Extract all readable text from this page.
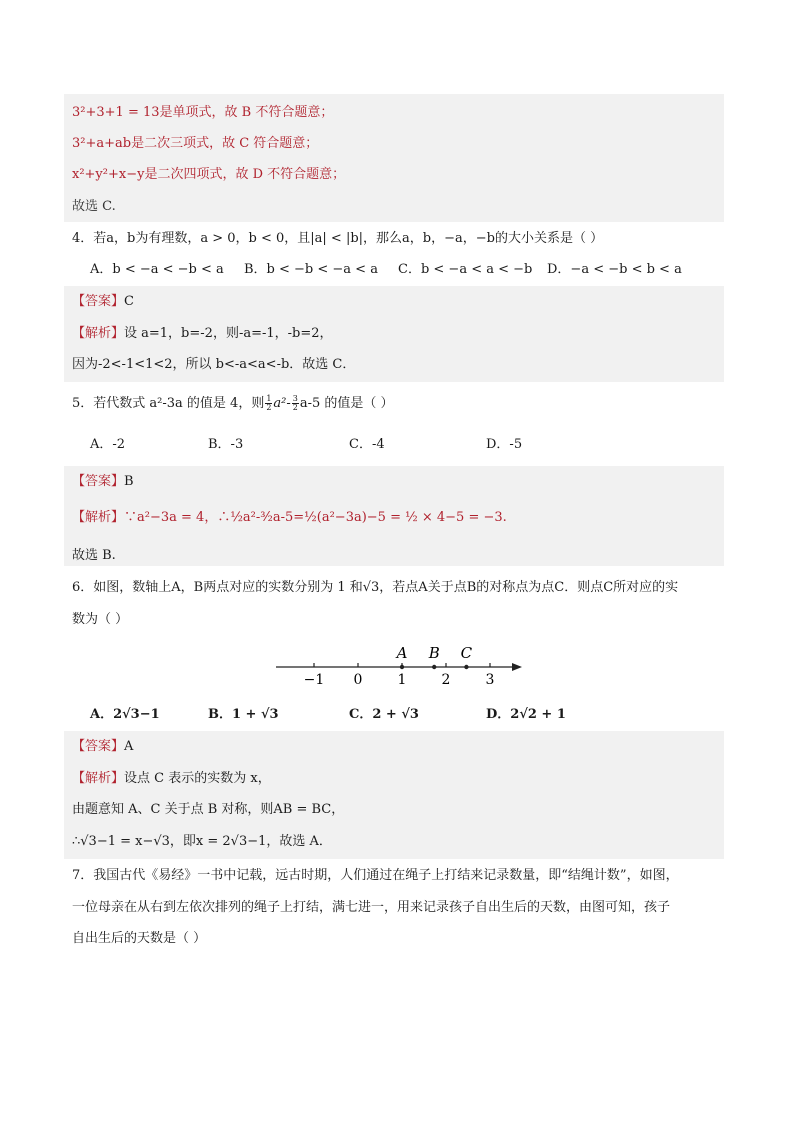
3²+3+1 = 13是单项式，故 B 不符合题意；
3²+a+ab是二次三项式，故 C 符合题意；
x²+y²+x−y是二次四项式，故 D 不符合题意；
故选 C.
4．若a，b为有理数，a > 0，b < 0，且|a| < |b|，那么a，b，−a，−b的大小关系是（ ）
A．b < −a < −b < a B．b < −b < −a < a C．b < −a < a < −b D．−a < −b < b < a
【答案】C
【解析】设 a=1，b=-2，则-a=-1，-b=2，
因为-2<-1<1<2，所以 b<-a<a<-b．故选 C．
5．若代数式 a²-3a 的值是 4，则 $\frac{1}{2} a^2- \frac{3}{2} a-5$ 的值是（ ）
A．-2	B．-3	C．-4	D．-5
【答案】B
【解析】∵a²−3a = 4，∴½a²-³⁄₂a-5=½(a²−3a)−5 = ½ × 4−5 = −3.
故选 B.
6．如图，数轴上A，B两点对应的实数分别为 1 和√3，若点A关于点B的对称点为点C．则点C所对应的实
数为（ ）
−1 0	1	2	3
A B C
A．2√3−1	B．1 + √3	C．2 + √3	D．2√2 + 1
【答案】A
【解析】设点 C 表示的实数为 x，
由题意知 A、C 关于点 B 对称，则AB = BC，
∴√3−1 = x−√3，即x = 2√3−1，故选 A．
7．我国古代《易经》一书中记载，远古时期，人们通过在绳子上打结来记录数量，即“结绳计数”，如图，
一位母亲在从右到左依次排列的绳子上打结，满七进一，用来记录孩子自出生后的天数，由图可知，孩子
自出生后的天数是（ ）
